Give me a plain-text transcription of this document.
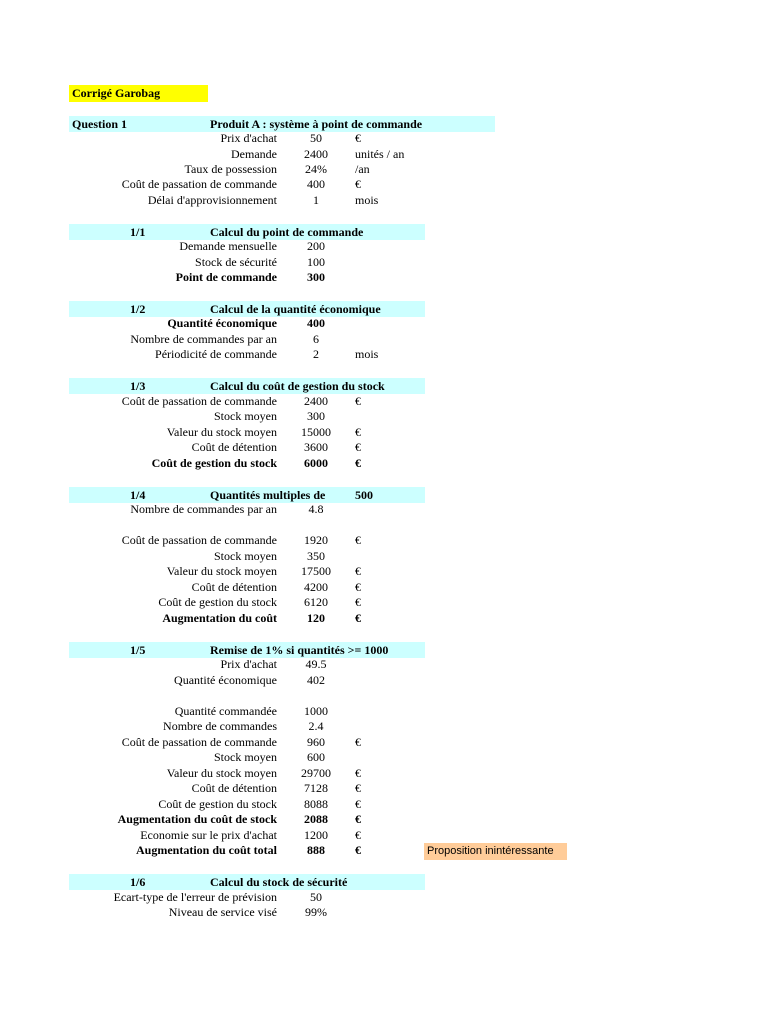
Corrigé Garobag
Question 1	Produit A : système à point de commande
Prix d'achat	50	€
Demande	2400	unités / an
Taux de possession	24%	/an
Coût de passation de commande	400	€
Délai d'approvisionnement	1	mois
1/1	Calcul du point de commande
Demande mensuelle	200
Stock de sécurité	100
Point de commande	300
1/2	Calcul de la quantité économique
Quantité économique	400
Nombre de commandes par an	6
Périodicité de commande	2	mois
1/3	Calcul du coût de gestion du stock
Coût de passation de commande	2400	€
Stock moyen	300
Valeur du stock moyen	15000	€
Coût de détention	3600	€
Coût de gestion du stock	6000	€
1/4	Quantités multiples de 500
Nombre de commandes par an	4.8
Coût de passation de commande	1920	€
Stock moyen	350
Valeur du stock moyen	17500	€
Coût de détention	4200	€
Coût de gestion du stock	6120	€
Augmentation du coût	120	€
1/5	Remise de 1% si quantités >= 1000
Prix d'achat	49.5
Quantité économique	402
Quantité commandée	1000
Nombre de commandes	2.4
Coût de passation de commande	960	€
Stock moyen	600
Valeur du stock moyen	29700	€
Coût de détention	7128	€
Coût de gestion du stock	8088	€
Augmentation du coût de stock	2088	€
Economie sur le prix d'achat	1200	€
Augmentation du coût total	888	€	Proposition inintéressante
1/6	Calcul du stock de sécurité
Ecart-type de l'erreur de prévision	50
Niveau de service visé	99%
